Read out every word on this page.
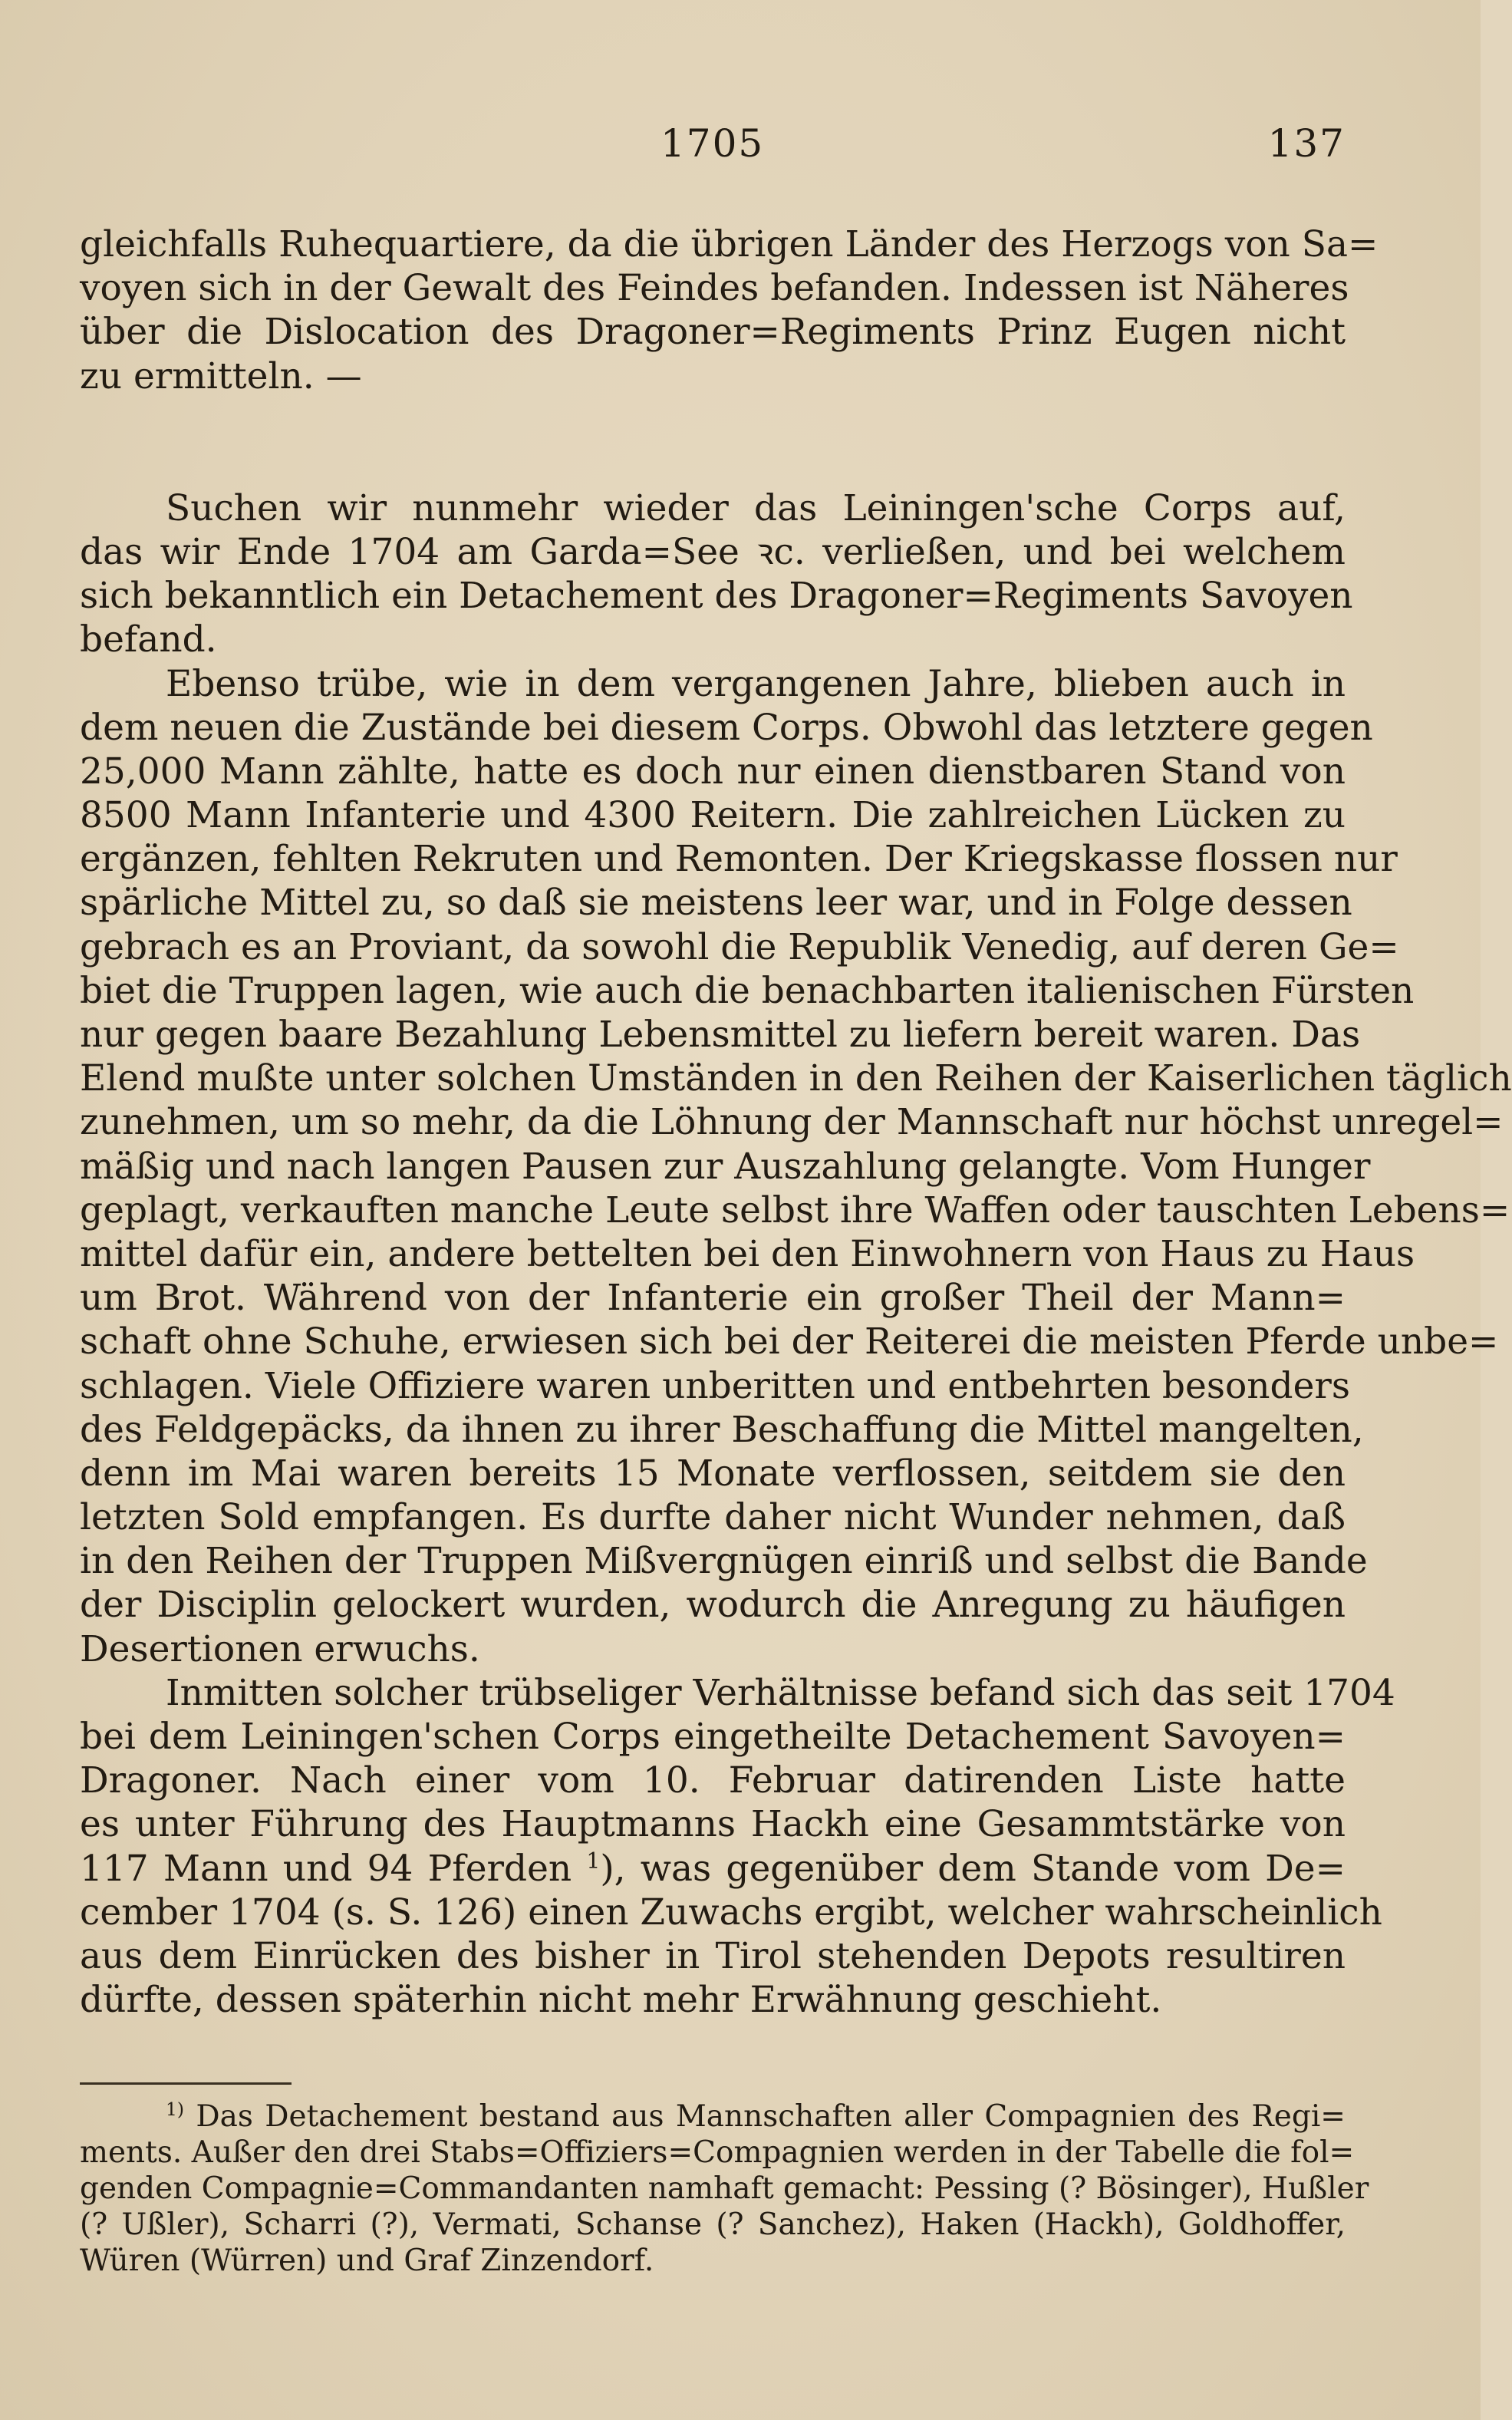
1705	137
gleichfalls Ruhequartiere, da die übrigen Länder des Herzogs von Sa=
voyen sich in der Gewalt des Feindes befanden. Indessen ist Näheres
über die Dislocation des Dragoner=Regiments Prinz Eugen nicht
zu ermitteln. —
Suchen wir nunmehr wieder das Leiningen'sche Corps auf,
das wir Ende 1704 am Garda=See ꝛc. verließen, und bei welchem
sich bekanntlich ein Detachement des Dragoner=Regiments Savoyen
befand.
Ebenso trübe, wie in dem vergangenen Jahre, blieben auch in
dem neuen die Zustände bei diesem Corps. Obwohl das letztere gegen
25,000 Mann zählte, hatte es doch nur einen dienstbaren Stand von
8500 Mann Infanterie und 4300 Reitern. Die zahlreichen Lücken zu
ergänzen, fehlten Rekruten und Remonten. Der Kriegskasse flossen nur
spärliche Mittel zu, so daß sie meistens leer war, und in Folge dessen
gebrach es an Proviant, da sowohl die Republik Venedig, auf deren Ge=
biet die Truppen lagen, wie auch die benachbarten italienischen Fürsten
nur gegen baare Bezahlung Lebensmittel zu liefern bereit waren. Das
Elend mußte unter solchen Umständen in den Reihen der Kaiserlichen täglich
zunehmen, um so mehr, da die Löhnung der Mannschaft nur höchst unregel=
mäßig und nach langen Pausen zur Auszahlung gelangte. Vom Hunger
geplagt, verkauften manche Leute selbst ihre Waffen oder tauschten Lebens=
mittel dafür ein, andere bettelten bei den Einwohnern von Haus zu Haus
um Brot. Während von der Infanterie ein großer Theil der Mann=
schaft ohne Schuhe, erwiesen sich bei der Reiterei die meisten Pferde unbe=
schlagen. Viele Offiziere waren unberitten und entbehrten besonders
des Feldgepäcks, da ihnen zu ihrer Beschaffung die Mittel mangelten,
denn im Mai waren bereits 15 Monate verflossen, seitdem sie den
letzten Sold empfangen. Es durfte daher nicht Wunder nehmen, daß
in den Reihen der Truppen Mißvergnügen einriß und selbst die Bande
der Disciplin gelockert wurden, wodurch die Anregung zu häufigen
Desertionen erwuchs.
Inmitten solcher trübseliger Verhältnisse befand sich das seit 1704
bei dem Leiningen'schen Corps eingetheilte Detachement Savoyen=
Dragoner. Nach einer vom 10. Februar datirenden Liste hatte
es unter Führung des Hauptmanns Hackh eine Gesammtstärke von
117 Mann und 94 Pferden $^1$), was gegenüber dem Stande vom De=
cember 1704 (s. S. 126) einen Zuwachs ergibt, welcher wahrscheinlich
aus dem Einrücken des bisher in Tirol stehenden Depots resultiren
dürfte, dessen späterhin nicht mehr Erwähnung geschieht.
$^{1)}$ Das Detachement bestand aus Mannschaften aller Compagnien des Regi=
ments. Außer den drei Stabs=Offiziers=Compagnien werden in der Tabelle die fol=
genden Compagnie=Commandanten namhaft gemacht: Pessing (? Bösinger), Hußler
(? Ußler), Scharri (?), Vermati, Schanse (? Sanchez), Haken (Hackh), Goldhoffer,
Würen (Würren) und Graf Zinzendorf.
